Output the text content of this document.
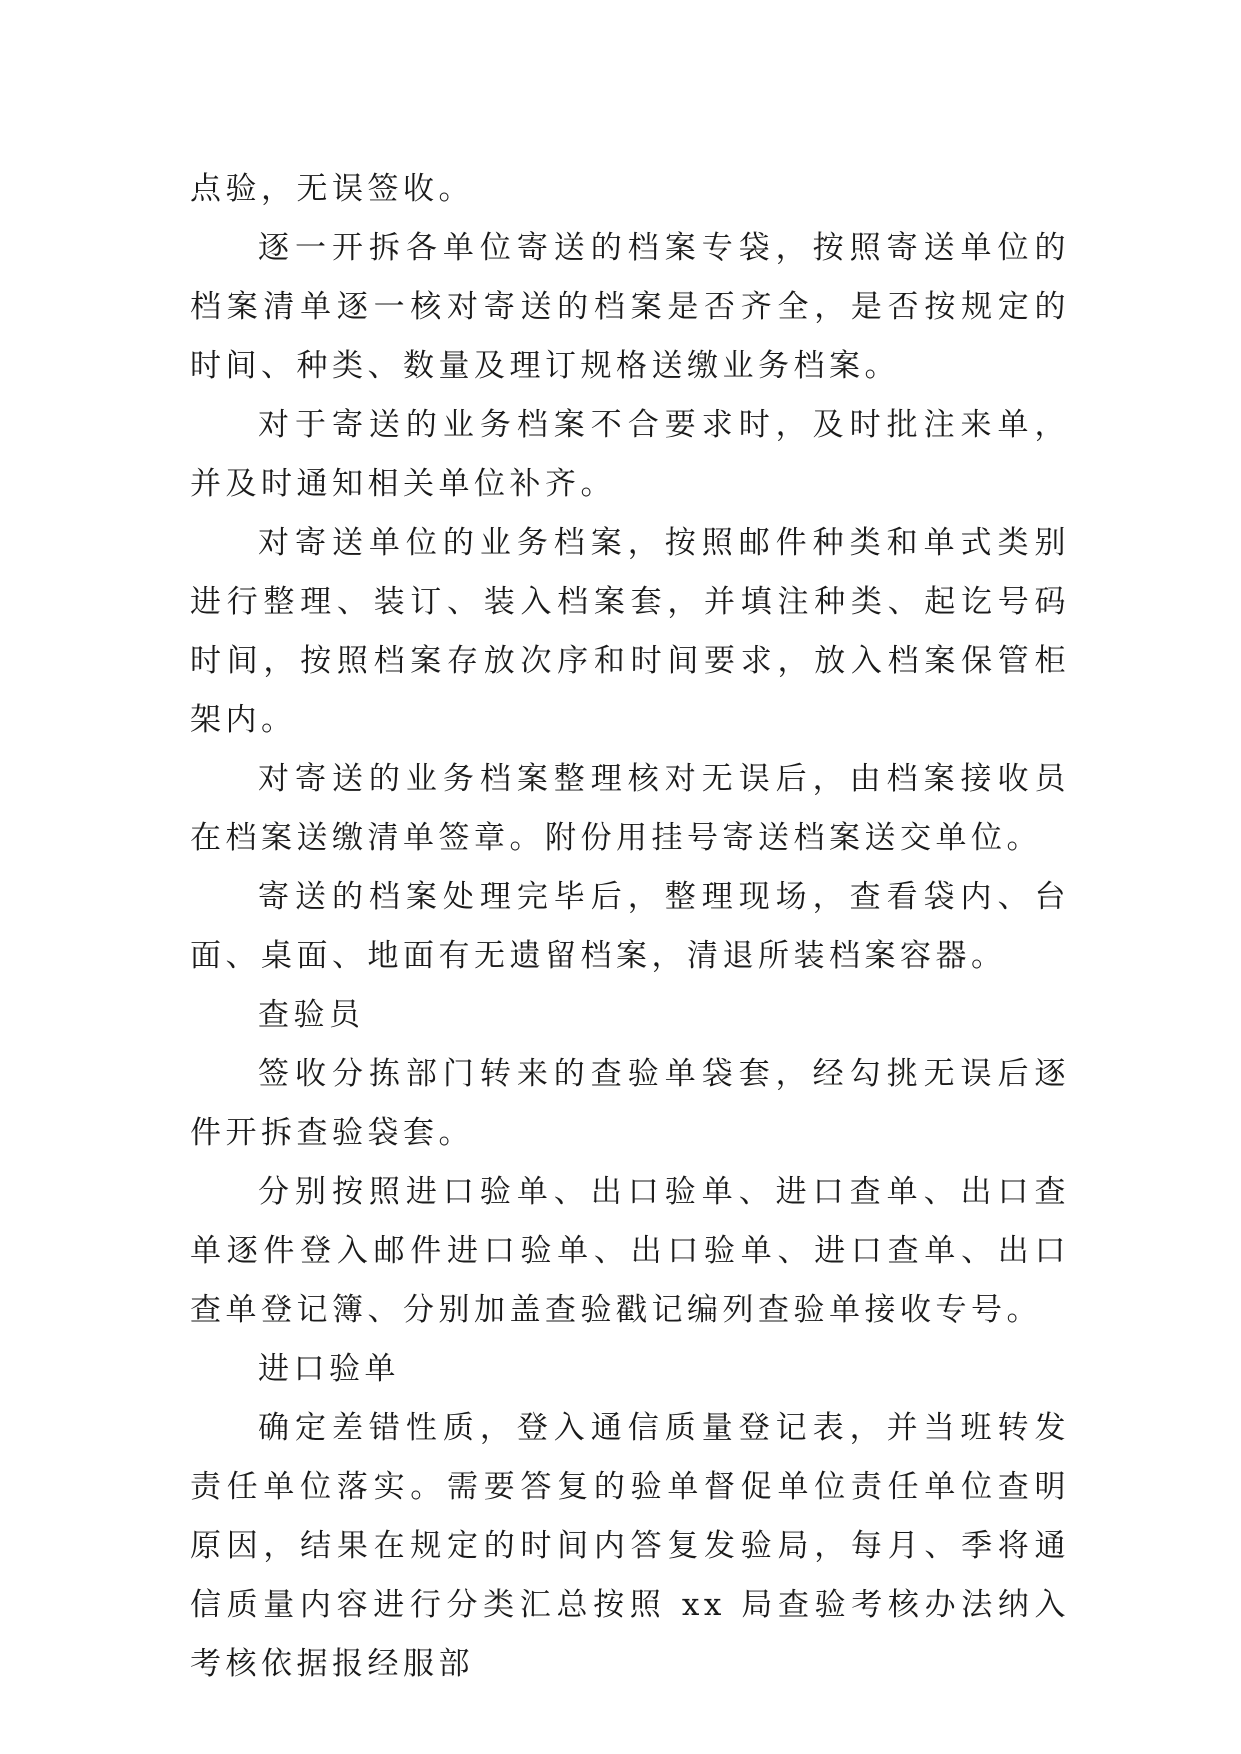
点验，无误签收。

逐一开拆各单位寄送的档案专袋，按照寄送单位的档案清单逐一核对寄送的档案是否齐全，是否按规定的时间、种类、数量及理订规格送缴业务档案。

对于寄送的业务档案不合要求时，及时批注来单，并及时通知相关单位补齐。

对寄送单位的业务档案，按照邮件种类和单式类别进行整理、装订、装入档案套，并填注种类、起讫号码时间，按照档案存放次序和时间要求，放入档案保管柜架内。

对寄送的业务档案整理核对无误后，由档案接收员在档案送缴清单签章。附份用挂号寄送档案送交单位。

寄送的档案处理完毕后，整理现场，查看袋内、台面、桌面、地面有无遗留档案，清退所装档案容器。

查验员

签收分拣部门转来的查验单袋套，经勾挑无误后逐件开拆查验袋套。

分别按照进口验单、出口验单、进口查单、出口查单逐件登入邮件进口验单、出口验单、进口查单、出口查单登记簿、分别加盖查验戳记编列查验单接收专号。

进口验单

确定差错性质，登入通信质量登记表，并当班转发责任单位落实。需要答复的验单督促单位责任单位查明原因，结果在规定的时间内答复发验局，每月、季将通信质量内容进行分类汇总按照 xx 局查验考核办法纳入考核依据报经服部
